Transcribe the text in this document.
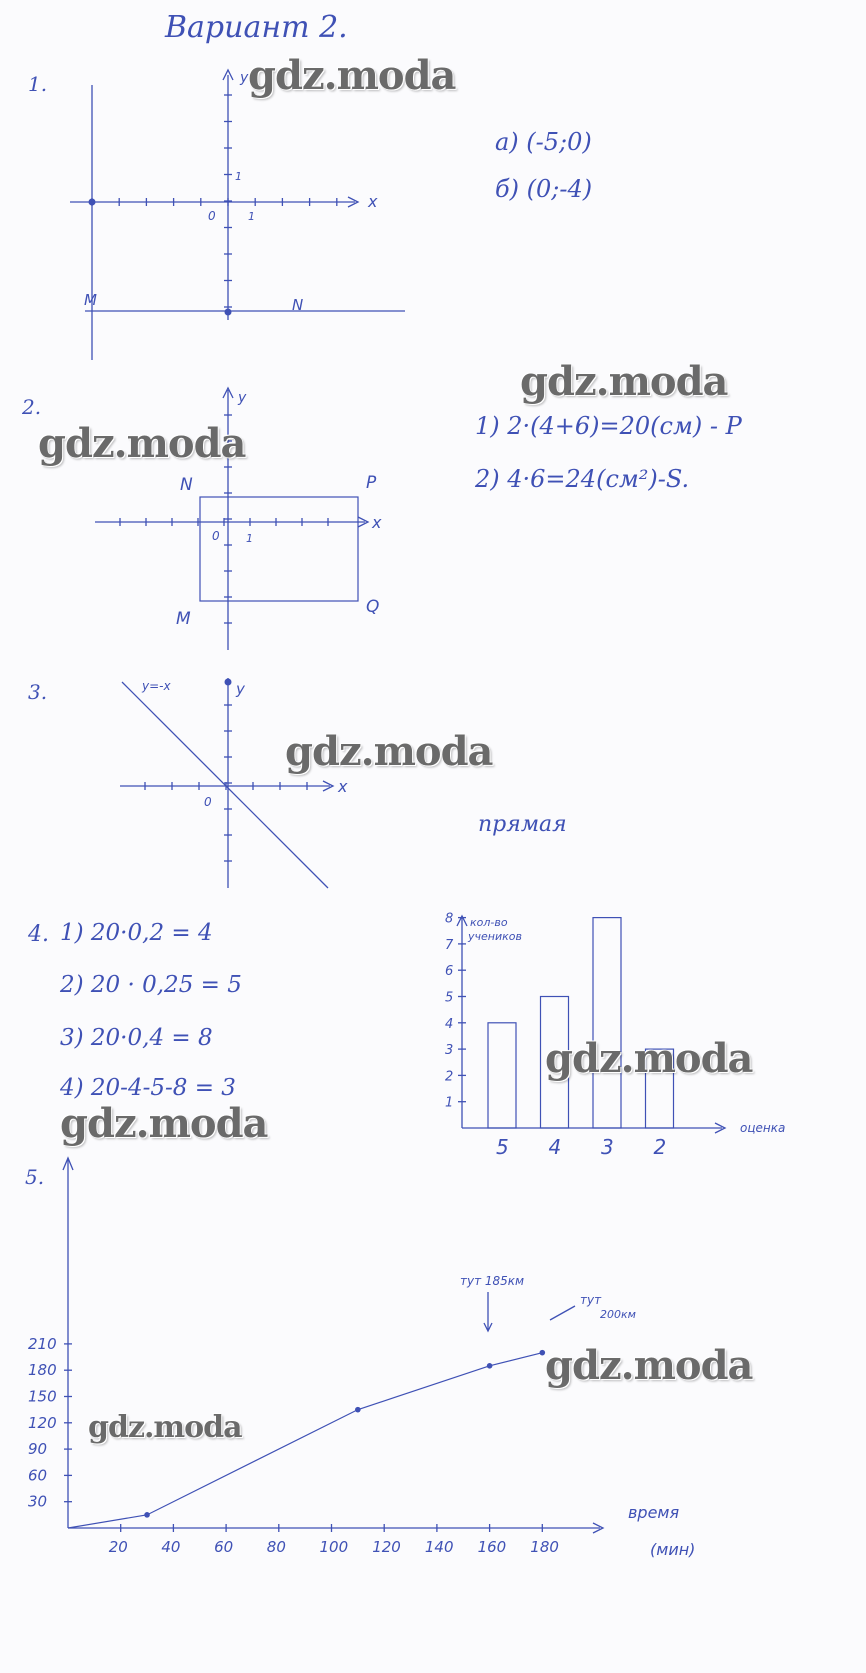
Вариант 2.
1.
x
y
0	1
1
M	N
а) (-5;0)
б) (0;-4)
2.
x
y
0 1
N	P
M
Q
1) 2·(4+6)=20(см) - P
2) 4·6=24(см²)-S.
3.
x
y
0
y=-x
прямая
4. 1) 20·0,2 = 4
2) 20 · 0,25 = 5
3) 20·0,4 = 8
4) 20-4-5-8 = 3
кол-во
учеников
оценка
1
2
3
4
5
6
7
8
5 4 3 2
5.
время
(мин)
тут 185км
тут
200км
20 40 60 80 100 120 140 160 180
30
60
90
120
150
180
210
gdz.moda
gdz.moda
gdz.moda
gdz.moda
gdz.moda
gdz.moda
gdz.moda
gdz.moda
